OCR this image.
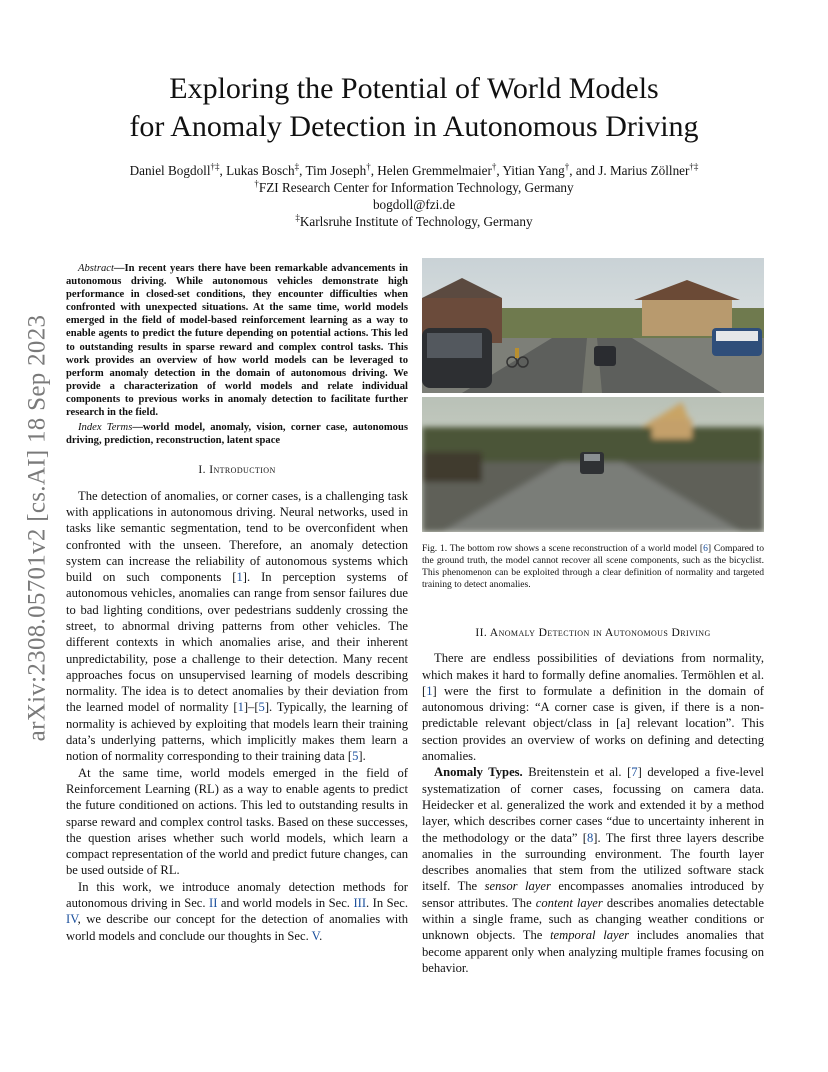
arXiv:2308.05701v2 [cs.AI] 18 Sep 2023
Exploring the Potential of World Models
for Anomaly Detection in Autonomous Driving
Daniel Bogdoll†‡, Lukas Bosch‡, Tim Joseph†, Helen Gremmelmaier†, Yitian Yang†, and J. Marius Zöllner†‡
†FZI Research Center for Information Technology, Germany
bogdoll@fzi.de
‡Karlsruhe Institute of Technology, Germany

Abstract—In recent years there have been remarkable advancements in autonomous driving. While autonomous vehicles demonstrate high performance in closed-set conditions, they encounter difficulties when confronted with unexpected situations. At the same time, world models emerged in the field of model-based reinforcement learning as a way to enable agents to predict the future depending on potential actions. This led to outstanding results in sparse reward and complex control tasks. This work provides an overview of how world models can be leveraged to perform anomaly detection in the domain of autonomous driving. We provide a characterization of world models and relate individual components to previous works in anomaly detection to facilitate further research in the field.

Index Terms—world model, anomaly, vision, corner case, autonomous driving, prediction, reconstruction, latent space

I. Introduction

The detection of anomalies, or corner cases, is a challenging task with applications in autonomous driving. Neural networks, used in tasks like semantic segmentation, tend to be overconfident when confronted with the unseen. Therefore, an anomaly detection system can increase the reliability of autonomous systems which build on such components [1]. In perception systems of autonomous vehicles, anomalies can range from sensor failures due to bad lighting conditions, over pedestrians suddenly crossing the street, to abnormal driving patterns from other vehicles. The different contexts in which anomalies arise, and their inherent unpredictability, pose a challenge to their detection. Many recent approaches focus on unsupervised learning of models describing normality. The idea is to detect anomalies by their deviation from the learned model of normality [1]–[5]. Typically, the learning of normality is achieved by exploiting that models learn their training data’s underlying patterns, which implicitly makes them learn a notion of normality corresponding to their training data [5].

At the same time, world models emerged in the field of Reinforcement Learning (RL) as a way to enable agents to predict the future conditioned on actions. This led to outstanding results in sparse reward and complex control tasks. Based on these successes, the question arises whether such world models, which learn a compact representation of the world and predict future changes, can be used outside of RL.

In this work, we introduce anomaly detection methods for autonomous driving in Sec. II and world models in Sec. III. In Sec. IV, we describe our concept for the detection of anomalies with world models and conclude our thoughts in Sec. V.

Fig. 1. The bottom row shows a scene reconstruction of a world model [6] Compared to the ground truth, the model cannot recover all scene components, such as the bicyclist. This phenomenon can be exploited through a clear definition of normality and targeted training to detect anomalies.

II. Anomaly Detection in Autonomous Driving

There are endless possibilities of deviations from normality, which makes it hard to formally define anomalies. Termöhlen et al. [1] were the first to formulate a definition in the domain of autonomous driving: “A corner case is given, if there is a non-predictable relevant object/class in [a] relevant location”. This section provides an overview of works on defining and detecting anomalies.

Anomaly Types. Breitenstein et al. [7] developed a five-level systematization of corner cases, focussing on camera data. Heidecker et al. generalized the work and extended it by a method layer, which describes corner cases “due to uncertainty inherent in the methodology or the data” [8]. The first three layers describe anomalies in the surrounding environment. The fourth layer describes anomalies that stem from the utilized software stack itself. The sensor layer encompasses anomalies introduced by sensor attributes. The content layer describes anomalies detectable within a single frame, such as changing weather conditions or unknown objects. The temporal layer includes anomalies that become apparent only when analyzing multiple frames focusing on behavior.
